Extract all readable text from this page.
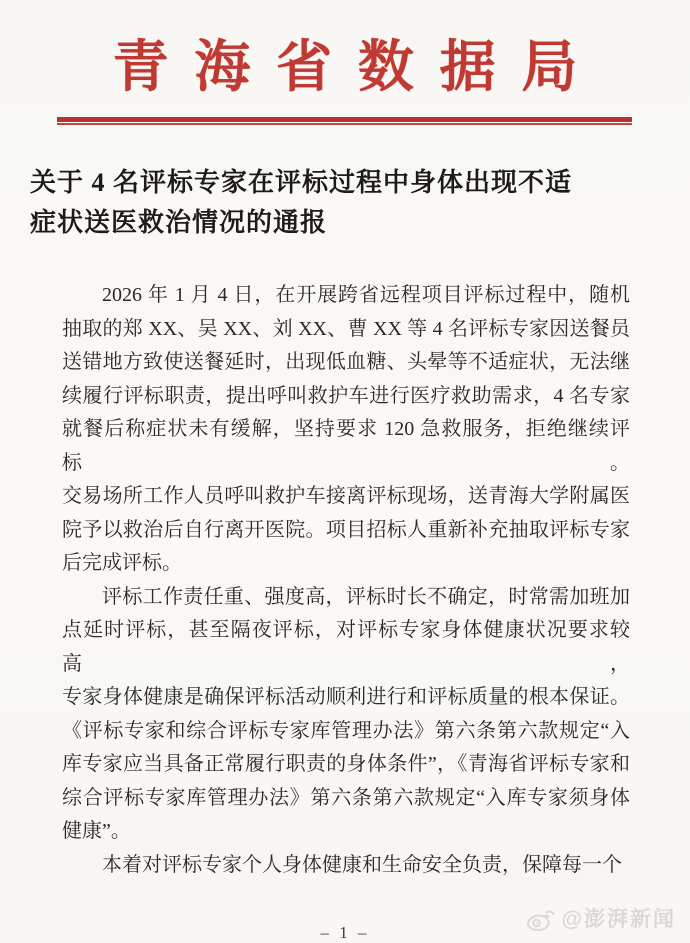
青海省数据局
关于 4 名评标专家在评标过程中身体出现不适
症状送医救治情况的通报

2026 年 1 月 4 日，在开展跨省远程项目评标过程中，随机
抽取的郑 XX、吴 XX、刘 XX、曹 XX 等 4 名评标专家因送餐员
送错地方致使送餐延时，出现低血糖、头晕等不适症状，无法继
续履行评标职责，提出呼叫救护车进行医疗救助需求，4 名专家
就餐后称症状未有缓解，坚持要求 120 急救服务，拒绝继续评标。
交易场所工作人员呼叫救护车接离评标现场，送青海大学附属医
院予以救治后自行离开医院。项目招标人重新补充抽取评标专家
后完成评标。

评标工作责任重、强度高，评标时长不确定，时常需加班加
点延时评标，甚至隔夜评标，对评标专家身体健康状况要求较高，
专家身体健康是确保评标活动顺利进行和评标质量的根本保证。
《评标专家和综合评标专家库管理办法》第六条第六款规定“入
库专家应当具备正常履行职责的身体条件”，《青海省评标专家和
综合评标专家库管理办法》第六条第六款规定“入库专家须身体
健康”。

本着对评标专家个人身体健康和生命安全负责，保障每一个

– 1 –
@澎湃新闻
